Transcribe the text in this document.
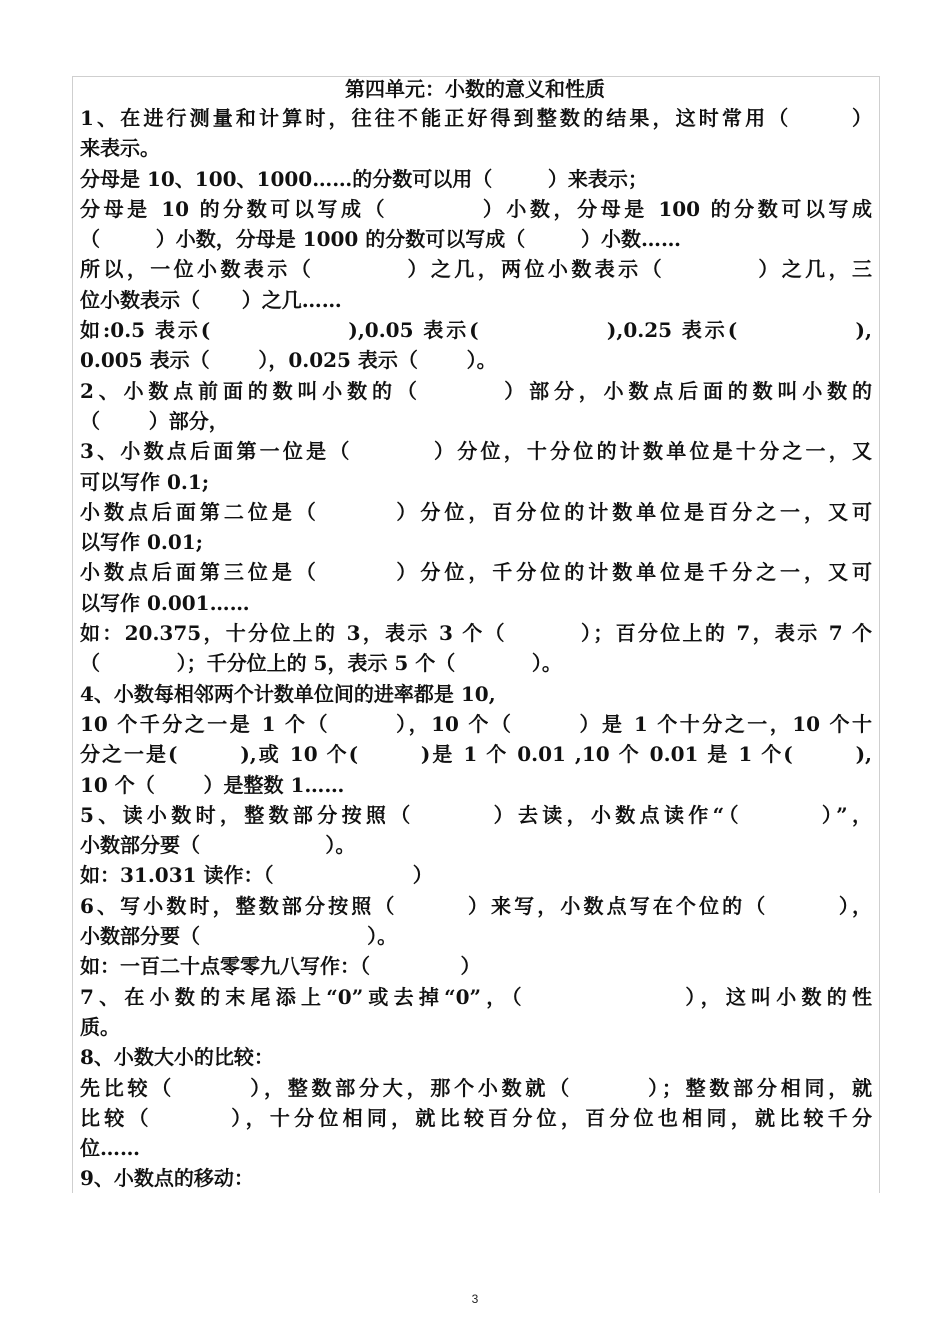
第四单元：小数的意义和性质
1、在进行测量和计算时，往往不能正好得到整数的结果，这时常用（      ）
来表示。
分母是 10、100、1000……的分数可以用（        ）来表示；
分母是 10 的分数可以写成（         ）小数，分母是 100 的分数可以写成
（        ）小数，分母是 1000 的分数可以写成（        ）小数……
所以，一位小数表示（         ）之几，两位小数表示（         ）之几，三
位小数表示（      ）之几……
如:0.5 表示(              ),0.05 表示(             ),0.25 表示(            ),
0.005 表示（       ），0.025 表示（       ）。
2、小数点前面的数叫小数的（       ）部分，小数点后面的数叫小数的
（       ）部分，
3、小数点后面第一位是（        ）分位，十分位的计数单位是十分之一，又
可以写作 0.1;
小数点后面第二位是（       ）分位，百分位的计数单位是百分之一，又可
以写作 0.01;
小数点后面第三位是（       ）分位，千分位的计数单位是千分之一，又可
以写作 0.001……
如：20.375，十分位上的 3，表示 3 个（        ）；百分位上的 7，表示 7 个
（           ）；千分位上的 5，表示 5 个（           ）。
4、小数每相邻两个计数单位间的进率都是 10,
10 个千分之一是 1 个（       ），10 个（       ）是 1 个十分之一，10 个十
分之一是(       ),或 10 个(       )是 1 个 0.01 ,10 个 0.01 是 1 个(       ),
10 个（       ）是整数 1……
5、读小数时，整数部分按照（       ）去读，小数点读作“（       ）”，
小数部分要（                  ）。
如：31.031 读作：（                    ）
6、写小数时，整数部分按照（       ）来写，小数点写在个位的（       ），
小数部分要（                        ）。
如：一百二十点零零九八写作：（             ）
7、在小数的末尾添上“0”或去掉“0”，（             ），这叫小数的性
质。
8、小数大小的比较：
先比较（       ），整数部分大，那个小数就（       ）；整数部分相同，就
比较（       ），十分位相同，就比较百分位，百分位也相同，就比较千分
位……
9、小数点的移动：
3
